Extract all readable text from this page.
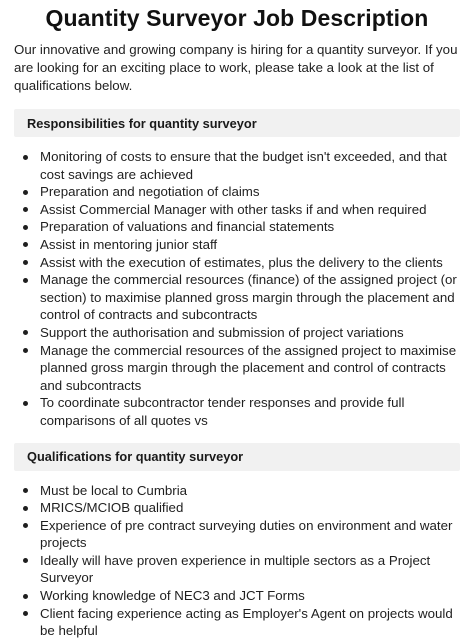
Quantity Surveyor Job Description

Our innovative and growing company is hiring for a quantity surveyor. If you are looking for an exciting place to work, please take a look at the list of qualifications below.

Responsibilities for quantity surveyor
Monitoring of costs to ensure that the budget isn't exceeded, and that cost savings are achieved
Preparation and negotiation of claims
Assist Commercial Manager with other tasks if and when required
Preparation of valuations and financial statements
Assist in mentoring junior staff
Assist with the execution of estimates, plus the delivery to the clients
Manage the commercial resources (finance) of the assigned project (or section) to maximise planned gross margin through the placement and control of contracts and subcontracts
Support the authorisation and submission of project variations
Manage the commercial resources of the assigned project to maximise planned gross margin through the placement and control of contracts and subcontracts
To coordinate subcontractor tender responses and provide full comparisons of all quotes vs
Qualifications for quantity surveyor
Must be local to Cumbria
MRICS/MCIOB qualified
Experience of pre contract surveying duties on environment and water projects
Ideally will have proven experience in multiple sectors as a Project Surveyor
Working knowledge of NEC3 and JCT Forms
Client facing experience acting as Employer's Agent on projects would be helpful
